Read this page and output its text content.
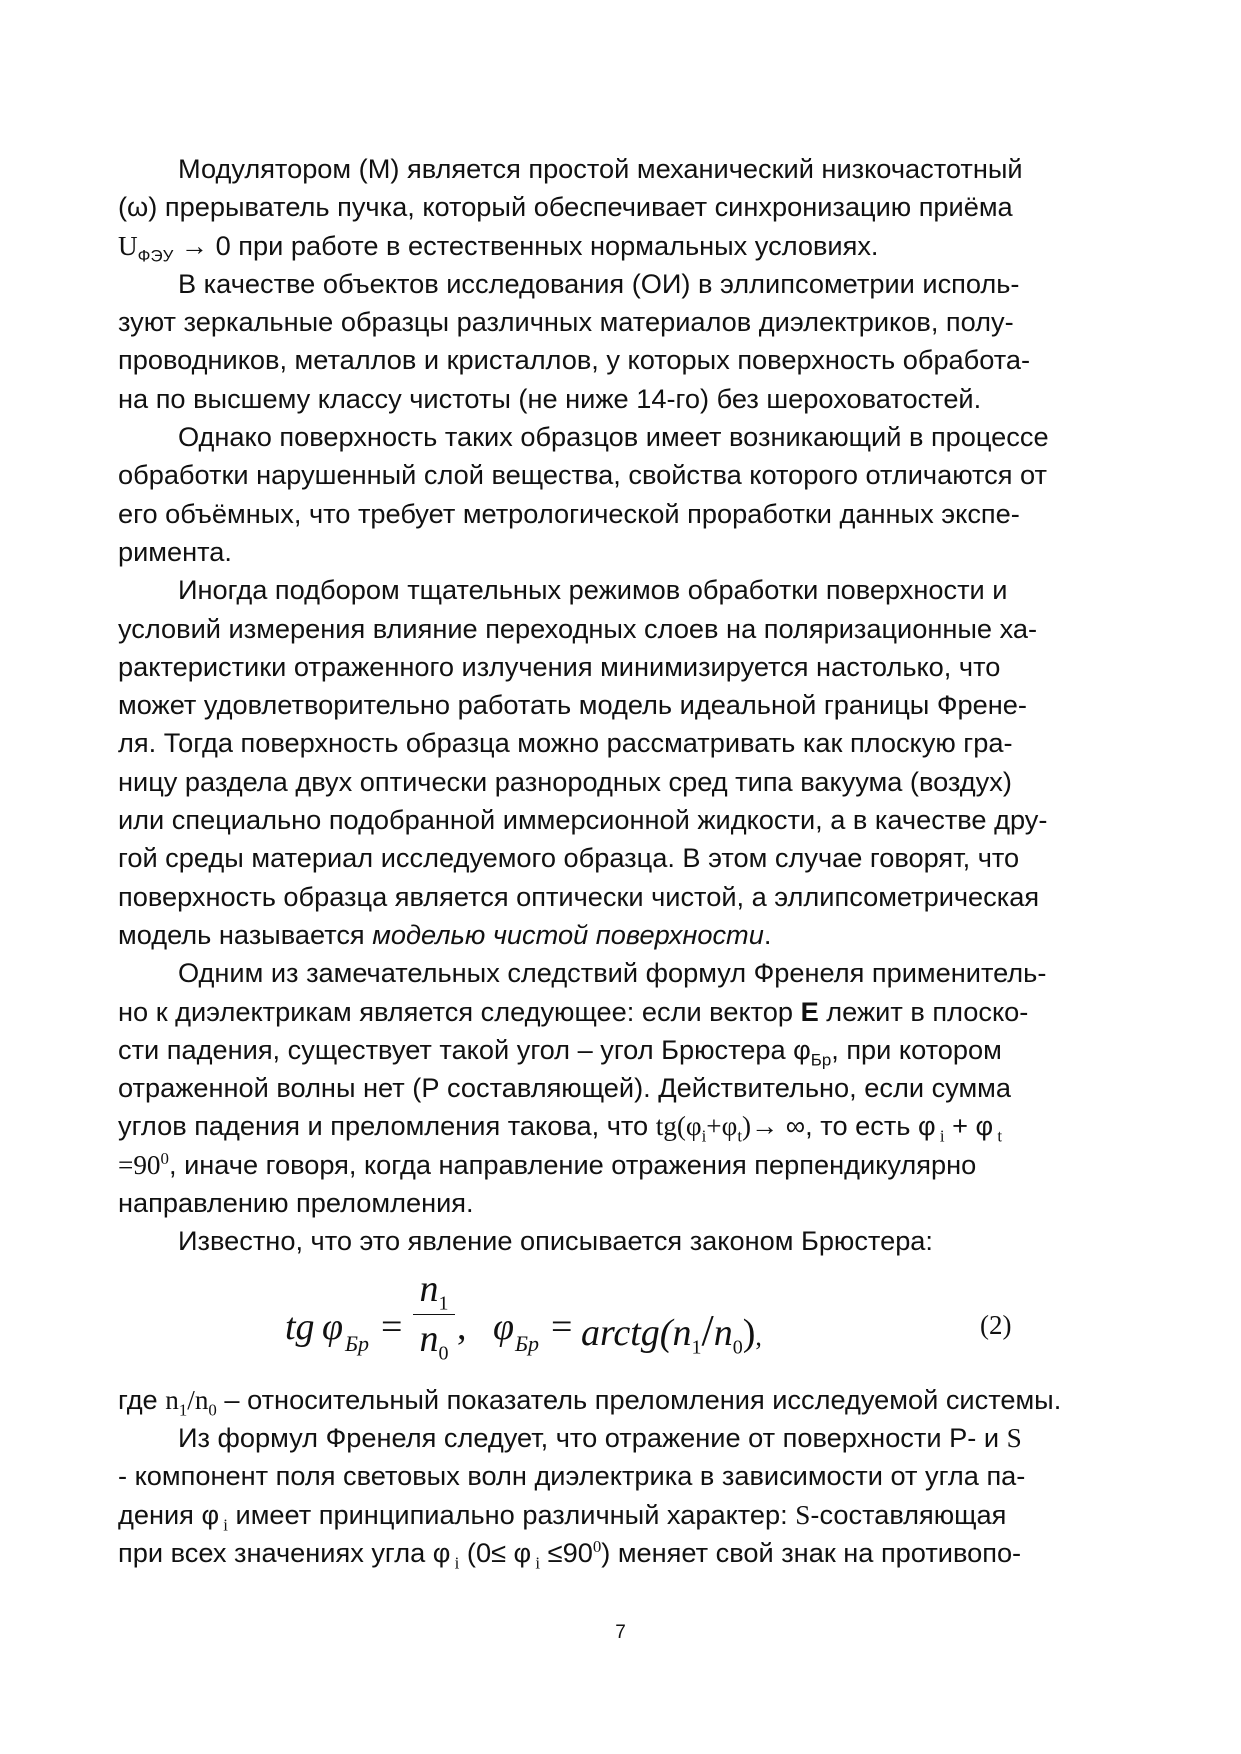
Модулятором (М) является простой механический низкочастотный
(ω) прерыватель пучка, который обеспечивает синхронизацию приёма
$U_{ФЭУ} \to 0$ при работе в естественных нормальных условиях.
В качестве объектов исследования (ОИ) в эллипсометрии исполь-
зуют зеркальные образцы различных материалов диэлектриков, полу-
проводников, металлов и кристаллов, у которых поверхность обработа-
на по высшему классу чистоты (не ниже 14-го) без шероховатостей.
Однако поверхность таких образцов имеет возникающий в процессе
обработки нарушенный слой вещества, свойства которого отличаются от
его объёмных, что требует метрологической проработки данных экспе-
римента.
Иногда подбором тщательных режимов обработки поверхности и
условий измерения влияние переходных слоев на поляризационные ха-
рактеристики отраженного излучения минимизируется настолько, что
может удовлетворительно работать модель идеальной границы Френе-
ля. Тогда поверхность образца можно рассматривать как плоскую гра-
ницу раздела двух оптически разнородных сред типа вакуума (воздух)
или специально подобранной иммерсионной жидкости, а в качестве дру-
гой среды материал исследуемого образца. В этом случае говорят, что
поверхность образца является оптически чистой, а эллипсометрическая
модель называется моделью чистой поверхности.
Одним из замечательных следствий формул Френеля применитель-
но к диэлектрикам является следующее: если вектор E лежит в плоско-
сти падения, существует такой угол – угол Брюстера $\varphi_{Бр}$, при котором
отраженной волны нет (Р составляющей). Действительно, если сумма
углов падения и преломления такова, что $tg(\varphi_i+\varphi_t)\to$ ∞, то есть φ $_i$ + φ $_t$
$=90^0$, иначе говоря, когда направление отражения перпендикулярно
направлению преломления.
Известно, что это явление описывается законом Брюстера:
где $n_1/n_0$ – относительный показатель преломления исследуемой системы.
Из формул Френеля следует, что отражение от поверхности Р- и S
- компонент поля световых волн диэлектрика в зависимости от угла па-
дения φ $_i$ имеет принципиально различный характер: S-составляющая
при всех значениях угла φ $_i$ (0≤ φ $_i \le 90^0$) меняет свой знак на противопо-
tg φ Бр =
$n_1$
$n_0$
, φ Бр = $arctg(n_1/n_0)$,	(2)
7
